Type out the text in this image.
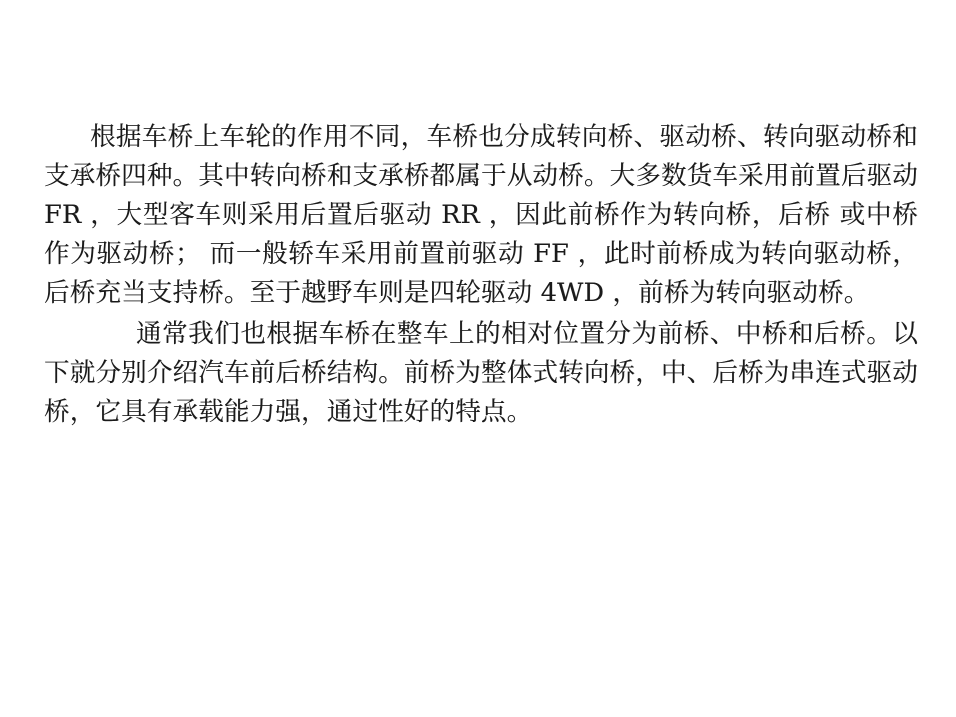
根据车桥上车轮的作用不同，车桥也分成转向桥、驱动桥、转向驱动桥和支承桥四种。其中转向桥和支承桥都属于从动桥。大多数货车采用前置后驱动 FR ，大型客车则采用后置后驱动 RR ，因此前桥作为转向桥，后桥 或中桥 作为驱动桥； 而一般轿车采用前置前驱动 FF ，此时前桥成为转向驱动桥，后桥充当支持桥。至于越野车则是四轮驱动 4WD ，前桥为转向驱动桥。

通常我们也根据车桥在整车上的相对位置分为前桥、中桥和后桥。以下就分别介绍汽车前后桥结构。前桥为整体式转向桥，中、后桥为串连式驱动桥，它具有承载能力强，通过性好的特点。
